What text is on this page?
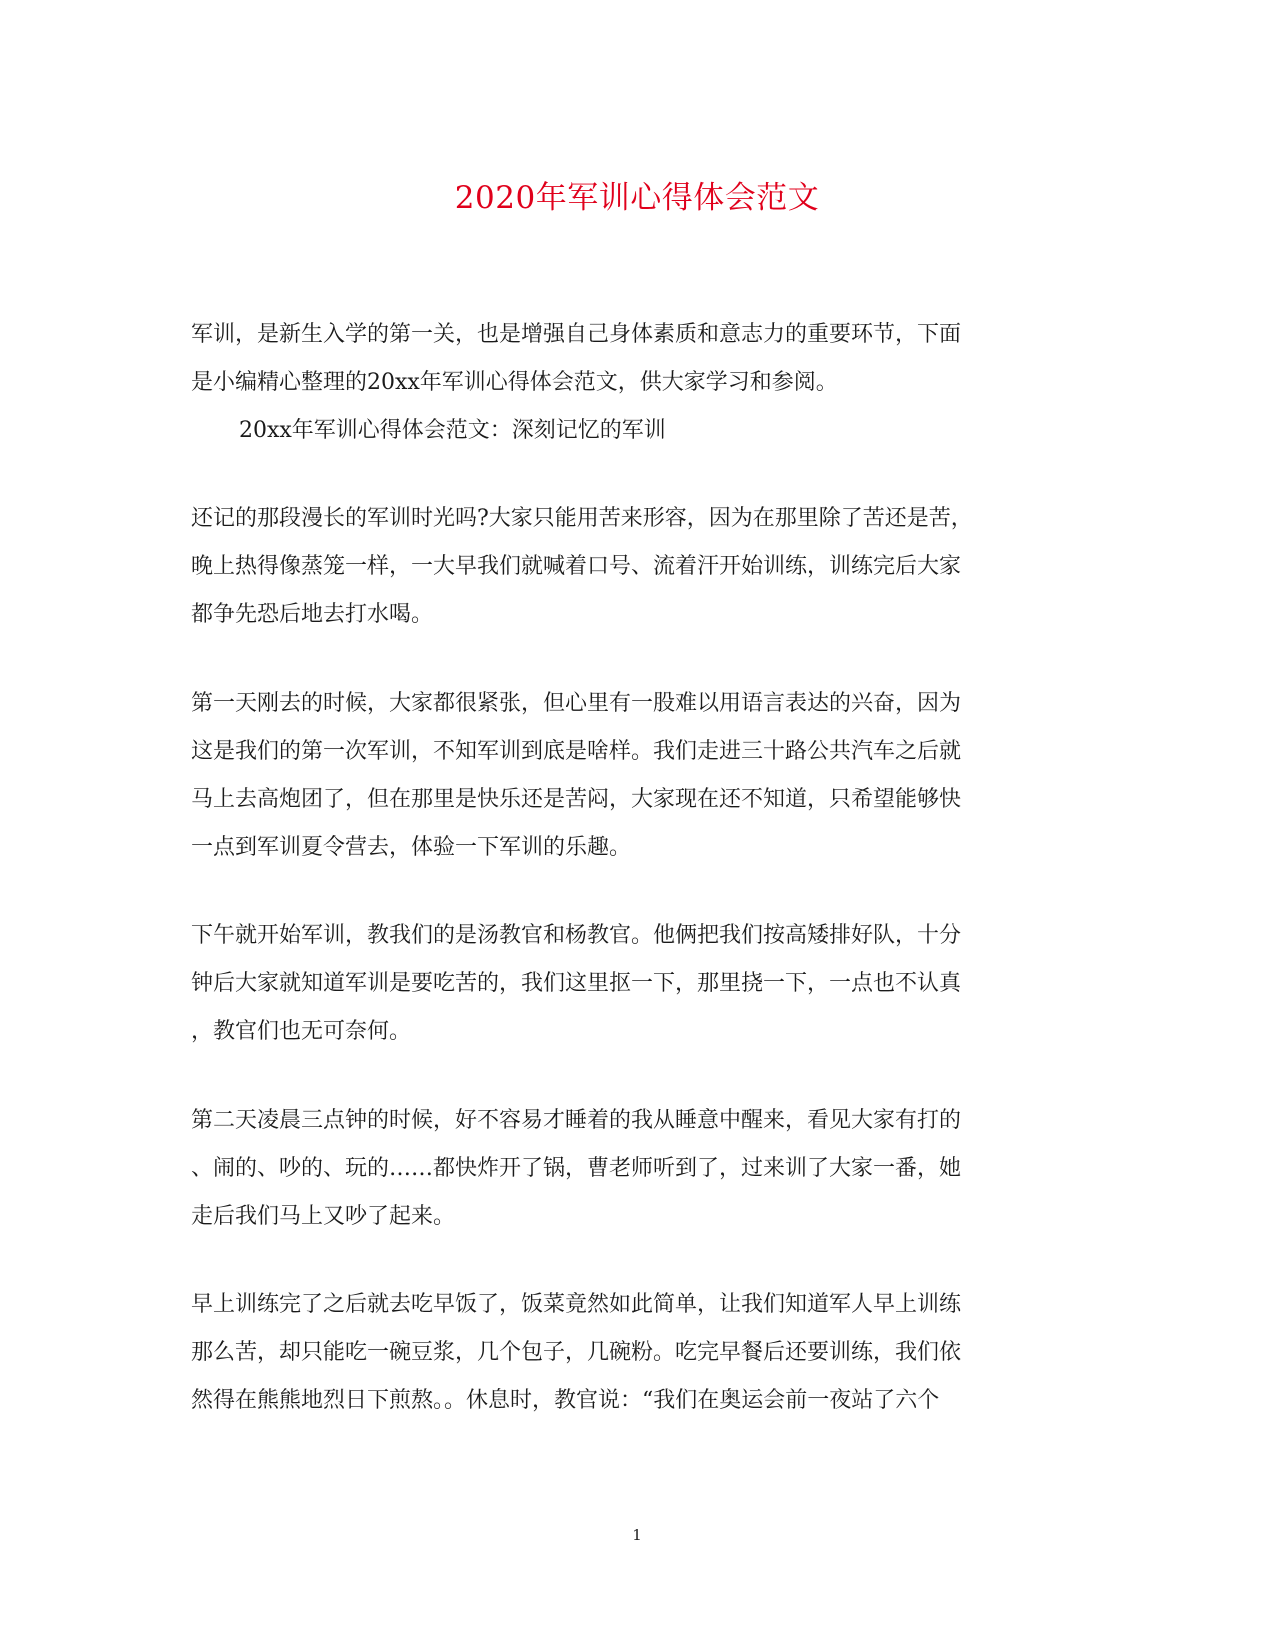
2020年军训心得体会范文
军训，是新生入学的第一关，也是增强自己身体素质和意志力的重要环节，下面
是小编精心整理的20xx年军训心得体会范文，供大家学习和参阅。
20xx年军训心得体会范文：深刻记忆的军训
还记的那段漫长的军训时光吗?大家只能用苦来形容，因为在那里除了苦还是苦，
晚上热得像蒸笼一样，一大早我们就喊着口号、流着汗开始训练，训练完后大家
都争先恐后地去打水喝。
第一天刚去的时候，大家都很紧张，但心里有一股难以用语言表达的兴奋，因为
这是我们的第一次军训，不知军训到底是啥样。我们走进三十路公共汽车之后就
马上去高炮团了，但在那里是快乐还是苦闷，大家现在还不知道，只希望能够快
一点到军训夏令营去，体验一下军训的乐趣。
下午就开始军训，教我们的是汤教官和杨教官。他俩把我们按高矮排好队，十分
钟后大家就知道军训是要吃苦的，我们这里抠一下，那里挠一下，一点也不认真
，教官们也无可奈何。
第二天凌晨三点钟的时候，好不容易才睡着的我从睡意中醒来，看见大家有打的
、闹的、吵的、玩的……都快炸开了锅，曹老师听到了，过来训了大家一番，她
走后我们马上又吵了起来。
早上训练完了之后就去吃早饭了，饭菜竟然如此简单，让我们知道军人早上训练
那么苦，却只能吃一碗豆浆，几个包子，几碗粉。吃完早餐后还要训练，我们依
然得在熊熊地烈日下煎熬。。休息时，教官说：“我们在奥运会前一夜站了六个
1
